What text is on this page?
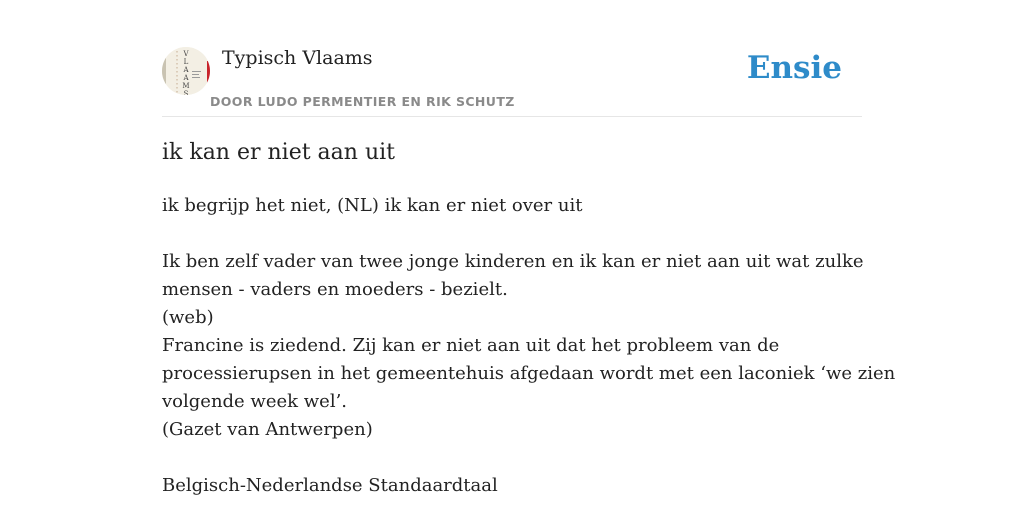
V
L
A
A
M
S
Typisch Vlaams
DOOR LUDO PERMENTIER EN RIK SCHUTZ
Ensie
ik kan er niet aan uit
ik begrijp het niet, (NL) ik kan er niet over uit
Ik ben zelf vader van twee jonge kinderen en ik kan er niet aan uit wat zulke
mensen - vaders en moeders - bezielt.
(web)
Francine is ziedend. Zij kan er niet aan uit dat het probleem van de
processierupsen in het gemeentehuis afgedaan wordt met een laconiek ‘we zien
volgende week wel’.
(Gazet van Antwerpen)
Belgisch-Nederlandse Standaardtaal
